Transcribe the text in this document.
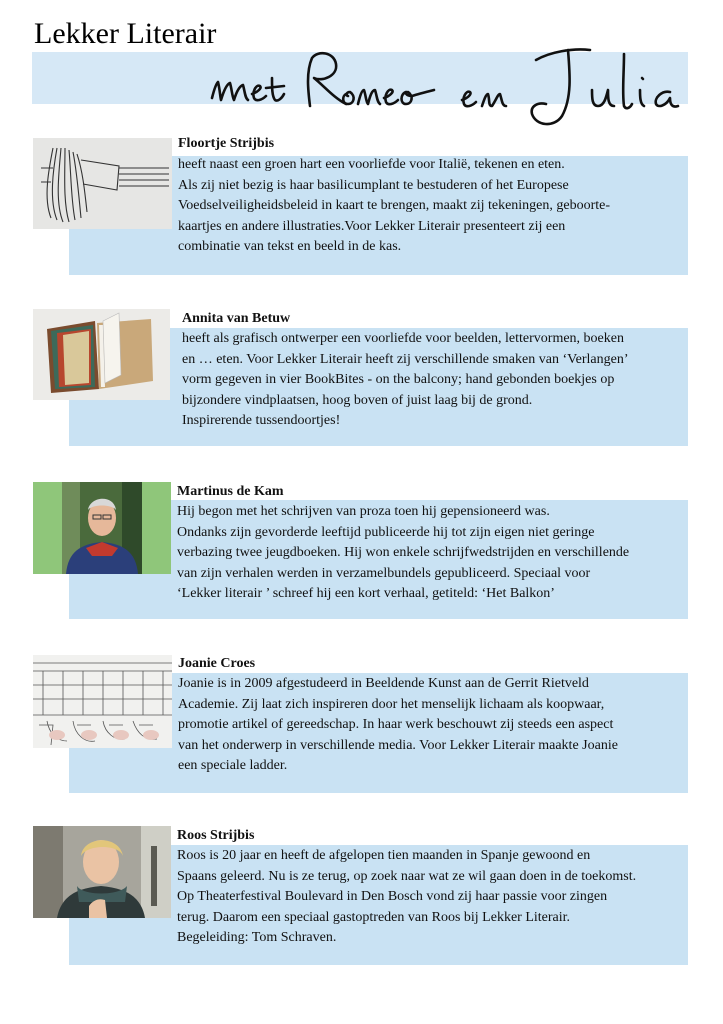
Lekker Literair
Floortje Strijbis

heeft naast een groen hart een voorliefde voor Italië, tekenen en eten.
Als zij niet bezig is haar basilicumplant te bestuderen of het Europese
Voedselveiligheidsbeleid in kaart te brengen, maakt zij tekeningen, geboorte-
kaartjes en andere illustraties.Voor Lekker Literair presenteert zij een
combinatie van tekst en beeld in de kas.

Annita van Betuw

heeft als grafisch ontwerper een voorliefde voor beelden, lettervormen, boeken
en … eten. Voor Lekker Literair heeft zij verschillende smaken van ‘Verlangen’
vorm gegeven in vier BookBites - on the balcony; hand gebonden boekjes op
bijzondere vindplaatsen, hoog boven of juist laag bij de grond.
Inspirerende tussendoortjes!

Martinus de Kam

Hij begon met het schrijven van proza toen hij gepensioneerd was.
Ondanks zijn gevorderde leeftijd publiceerde hij tot zijn eigen niet geringe
verbazing twee jeugdboeken. Hij won enkele schrijfwedstrijden en verschillende
van zijn verhalen werden in verzamelbundels gepubliceerd. Speciaal voor
‘Lekker literair ’ schreef hij een kort verhaal, getiteld: ‘Het Balkon’

Joanie Croes

Joanie is in 2009 afgestudeerd in Beeldende Kunst aan de Gerrit Rietveld
Academie. Zij laat zich inspireren door het menselijk lichaam als koopwaar,
promotie artikel of gereedschap. In haar werk beschouwt zij steeds een aspect
van het onderwerp in verschillende media. Voor Lekker Literair maakte Joanie
een speciale ladder.

Roos Strijbis

Roos is 20 jaar en heeft de afgelopen tien maanden in Spanje gewoond en
Spaans geleerd. Nu is ze terug, op zoek naar wat ze wil gaan doen in de toekomst.
Op Theaterfestival Boulevard in Den Bosch vond zij haar passie voor zingen
terug. Daarom een speciaal gastoptreden van Roos bij Lekker Literair.
Begeleiding: Tom Schraven.
